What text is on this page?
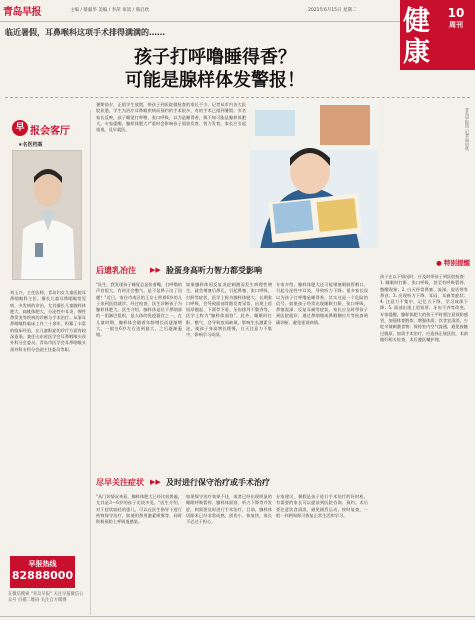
青岛早报	主编 / 蔡毅华 美编 / 李萍 审读 / 邢启欣	2021年6月15日 星期二 健康
10
周刊
临近暑假，耳鼻喉科这项手术排得满满的……
孩子打呼噜睡得香？
可能是腺样体发警报！
早 报会客厅
★名医档案
刘玉兴，主任医师，青岛妇女儿童医院耳鼻咽喉科主任。擅长儿童耳鼻咽喉常见病、多发病的诊治，尤其擅长儿童腺样体肥大、扁桃体肥大、分泌性中耳炎、慢性鼻窦炎等疾病的诊断与手术治疗。从事耳鼻咽喉科临床工作三十余年，积累了丰富的临床经验，在儿童鼾症的诊疗方面有较深造诣。兼任山东省医学会耳鼻咽喉头颈外科分会委员、青岛市医学会耳鼻咽喉头颈外科专科分会副主任委员等职。
早报热线
82888000
在微信搜索 "青岛早报" 关注早报微信公众号 扫描二维码 关注官方微博
暑期前夕，正值学生放假，带孩子到医院做检查的家长不少。记者从市内各大医院获悉，学生为治疗耳鼻喉疾病而预约的手术很多，有的手术已排到暑假。多名家长反映，孩子睡觉打呼噜、张口呼吸，以为是睡得香，殊不知可能是腺样体肥大。专家提醒，腺样体肥大严重时会影响孩子面容发育、智力发育，家长应引起重视，及早就医。
后遗乳冶注 ▶▶ 脸蛋身高听力智力都受影响
"医生，我发现孩子睡觉总是张着嘴，打呼噜的声音很大，有时还会憋气，是不是鼻子出了问题？"近日，家住市南区的王女士带着6岁的儿子来到医院就诊。经过检查，医生诊断孩子为腺样体肥大。医生介绍，腺样体是位于鼻咽部的一团淋巴组织，是人体的免疫器官之一。在儿童时期，腺样体会随着年龄增长而逐渐增大，一般在6岁左右达到最大，之后逐渐萎缩。
如果腺样体因反复炎症刺激而发生病理性增生，就会堵塞后鼻孔，引起鼻塞、张口呼吸、打鼾等症状，医学上称为腺样体肥大。长期张口呼吸，会导致面部骨骼发育异常，出现上唇短厚翘起、下颌骨下垂、牙齿排列不整齐等，医学上称为"腺样体面容"。此外，睡眠时打鼾、憋气，会导致夜间缺氧，影响生长激素分泌，使孩子身高增长缓慢，白天注意力不集中，影响学习成绩。
专家介绍，腺样体肥大还可能堵塞咽鼓管咽口，引起分泌性中耳炎，导致听力下降。很多家长误以为孩子打呼噜是睡得香，其实这是一个危险的信号。如果孩子经常出现睡眠打鼾、张口呼吸、鼻塞流涕、反复耳痛等症状，家长应及时带孩子到医院就诊，通过鼻咽镜或鼻咽侧位片等检查明确诊断，避免延误病情。
尽早关注症状 ▶▶ 及时进行保守治疗或手术治疗
"从门诊情况来看，腺样体肥大已经比较普遍，尤其是3～6岁的孩子比较多见。"医生介绍，对于症状较轻的患儿，可以在医生指导下进行药物保守治疗，如使用鼻用激素喷雾等，同时积极预防上呼吸道感染。
如果保守治疗效果不佳，或者已经出现明显的睡眠呼吸暂停、腺样体面容、听力下降等并发症，则需要及时进行手术治疗。目前，腺样体切除术已经非常成熟，创伤小、恢复快，家长不必过于担心。
专家建议，暑假是孩子进行手术治疗的好时机，有需要的家长可以提前到医院咨询、预约。术后要注意饮食清淡，避免剧烈运动，按时复查，一般一到两周即可恢复正常生活和学习。
青岛早报讯 记者 邢启欣
● 特别提醒
孩子在以下情况时，应及时带孩子到医院检查：1. 睡眠时打鼾、张口呼吸，甚至有呼吸暂停、憋醒现象；2. 白天经常鼻塞、流涕，说话带有鼻音；3. 出现听力下降、耳闷、耳痛等症状；4. 注意力不集中，记忆力下降，学习成绩下降；5. 面部出现上唇短厚、牙齿不齐等改变。专家提醒，腺样体肥大的孩子平时要注意预防感冒，加强体育锻炼，增强体质；饮食宜清淡，少吃辛辣刺激食物；保持室内空气流通，避免接触过敏原。如需手术治疗，应选择正规医院，术前做好相关检查，术后遵医嘱护理。
